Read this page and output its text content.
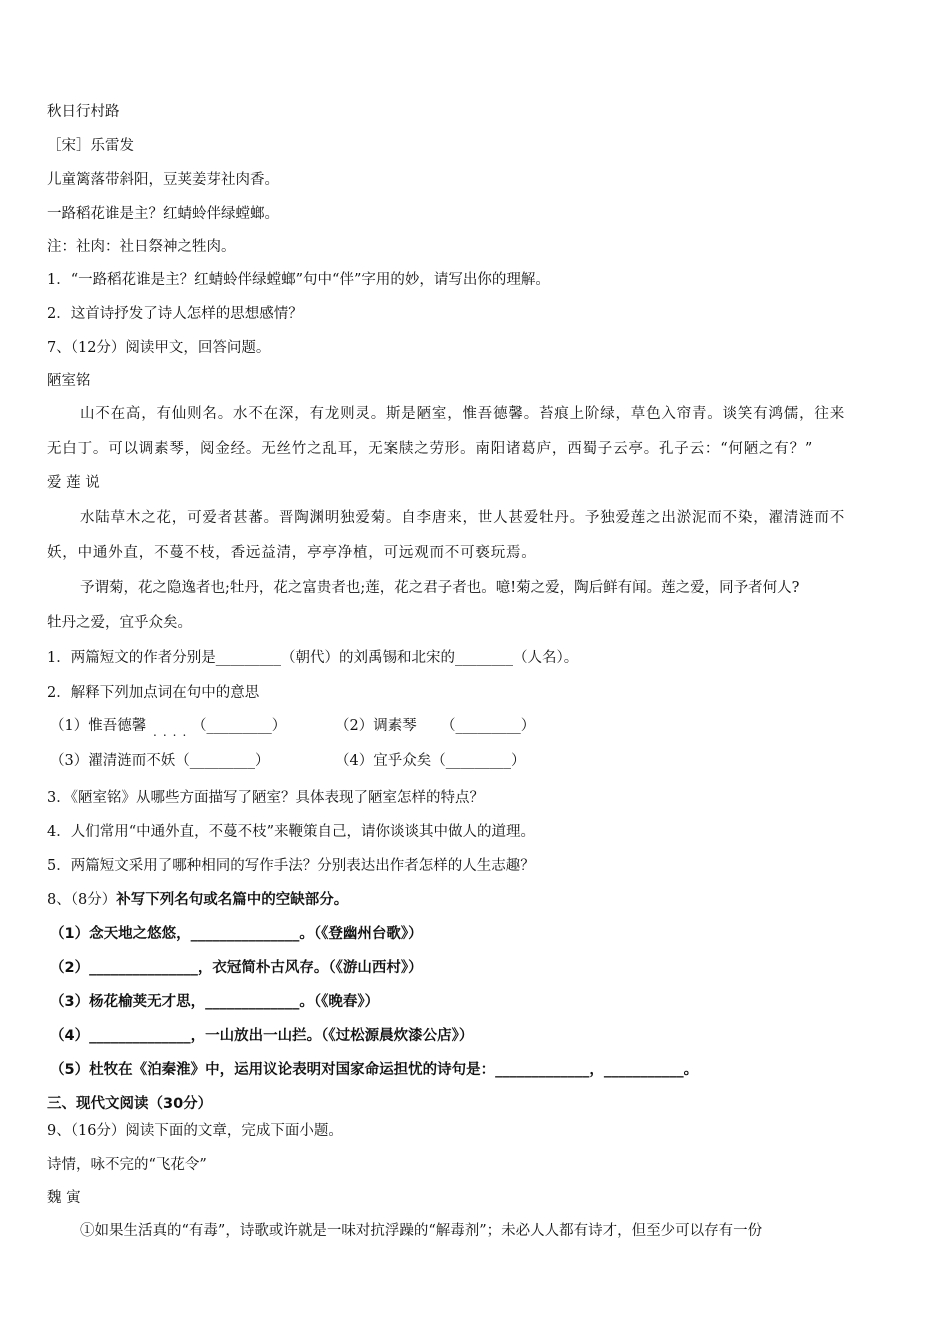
秋日行村路
［宋］乐雷发
儿童篱落带斜阳，豆荚姜芽社肉香。
一路稻花谁是主？红蜻蛉伴绿螳螂。
注：社肉：社日祭神之牲肉。
1．“一路稻花谁是主？红蜻蛉伴绿螳螂”句中“伴”字用的妙，请写出你的理解。
2．这首诗抒发了诗人怎样的思想感情？
7、（12分）阅读甲文，回答问题。
陋室铭
山不在高，有仙则名。水不在深，有龙则灵。斯是陋室，惟吾德馨。苔痕上阶绿，草色入帘青。谈笑有鸿儒，往来
无白丁。可以调素琴，阅金经。无丝竹之乱耳，无案牍之劳形。南阳诸葛庐，西蜀子云亭。孔子云：“何陋之有？”
爱 莲 说
水陆草木之花，可爱者甚蕃。晋陶渊明独爱菊。自李唐来，世人甚爱牡丹。予独爱莲之出淤泥而不染，濯清涟而不
妖，中通外直，不蔓不枝，香远益清，亭亭净植，可远观而不可亵玩焉。
予谓菊，花之隐逸者也;牡丹，花之富贵者也;莲，花之君子者也。噫!菊之爱，陶后鲜有闻。莲之爱，同予者何人?
牡丹之爱，宜乎众矣。
1．两篇短文的作者分别是_________（朝代）的刘禹锡和北宋的________（人名）。
2．解释下列加点词在句中的意思
（1）惟吾德馨 .... （_________）	（2）调素琴 （_________）
（3）濯清涟而不妖（_________）	（4）宜乎众矣（_________）
3．《陋室铭》从哪些方面描写了陋室？具体表现了陋室怎样的特点？
4．人们常用“中通外直，不蔓不枝”来鞭策自己，请你谈谈其中做人的道理。
5．两篇短文采用了哪种相同的写作手法？分别表达出作者怎样的人生志趣？
8、（8分）补写下列名句或名篇中的空缺部分。
（1）念天地之悠悠，_______________。（《登幽州台歌》）
（2）_______________，衣冠简朴古风存。（《游山西村》）
（3）杨花榆荚无才思，_____________。（《晚春》）
（4）______________，一山放出一山拦。（《过松源晨炊漆公店》）
（5）杜牧在《泊秦淮》中，运用议论表明对国家命运担忧的诗句是：_____________，___________。
三、现代文阅读（30分）
9、（16分）阅读下面的文章，完成下面小题。
诗情，咏不完的“飞花令”
魏 寅
①如果生活真的“有毒”，诗歌或许就是一味对抗浮躁的“解毒剂”；未必人人都有诗才，但至少可以存有一份
